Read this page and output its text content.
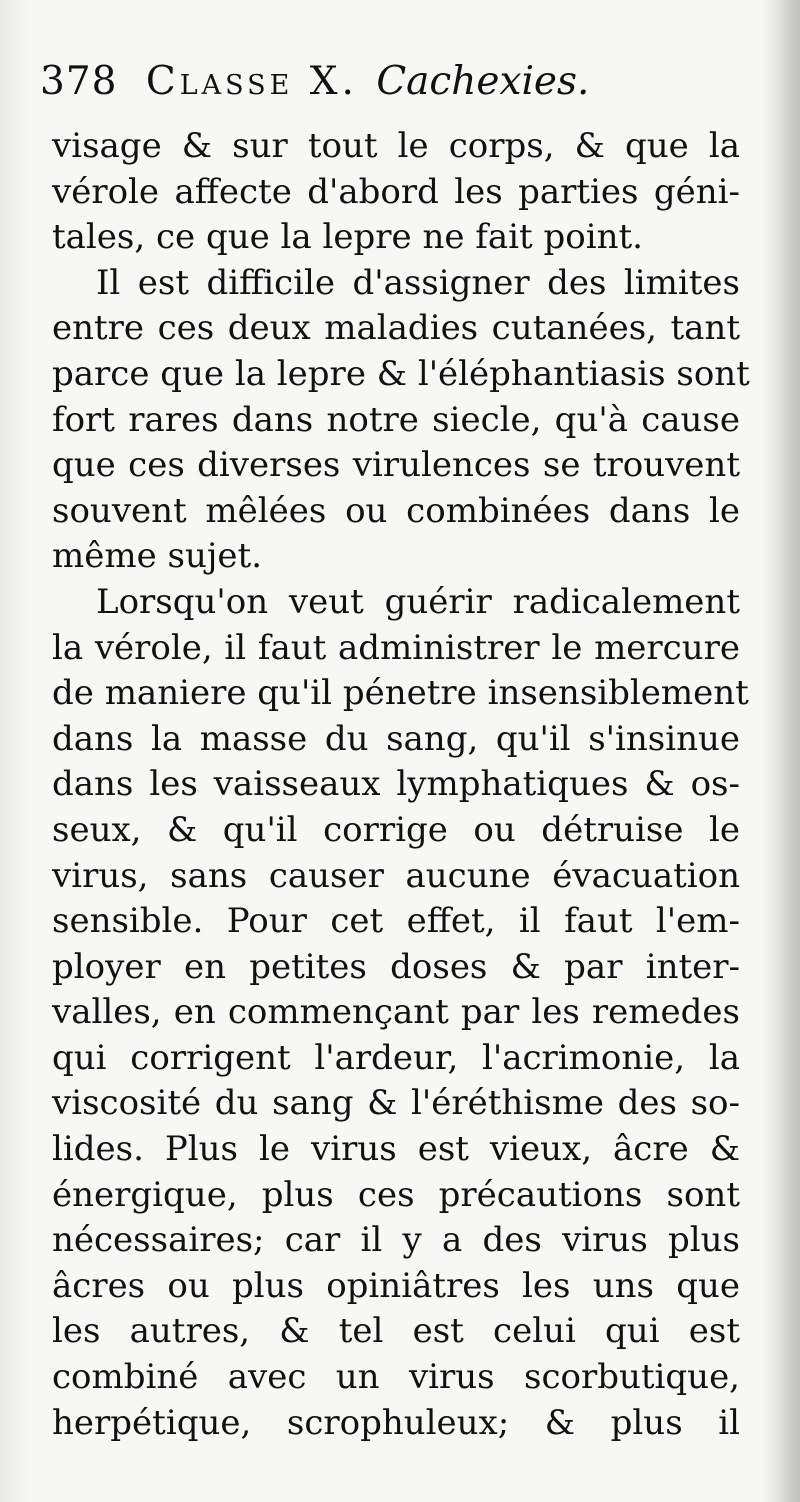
378 Classe X. Cachexies.
visage & sur tout le corps, & que la
vérole affecte d'abord les parties géni-
tales, ce que la lepre ne fait point.
Il est difficile d'assigner des limites
entre ces deux maladies cutanées, tant
parce que la lepre & l'éléphantiasis sont
fort rares dans notre siecle, qu'à cause
que ces diverses virulences se trouvent
souvent mêlées ou combinées dans le
même sujet.
Lorsqu'on veut guérir radicalement
la vérole, il faut administrer le mercure
de maniere qu'il pénetre insensiblement
dans la masse du sang, qu'il s'insinue
dans les vaisseaux lymphatiques & os-
seux, & qu'il corrige ou détruise le
virus, sans causer aucune évacuation
sensible. Pour cet effet, il faut l'em-
ployer en petites doses & par inter-
valles, en commençant par les remedes
qui corrigent l'ardeur, l'acrimonie, la
viscosité du sang & l'éréthisme des so-
lides. Plus le virus est vieux, âcre &
énergique, plus ces précautions sont
nécessaires; car il y a des virus plus
âcres ou plus opiniâtres les uns que
les autres, & tel est celui qui est
combiné avec un virus scorbutique,
herpétique, scrophuleux; & plus il
